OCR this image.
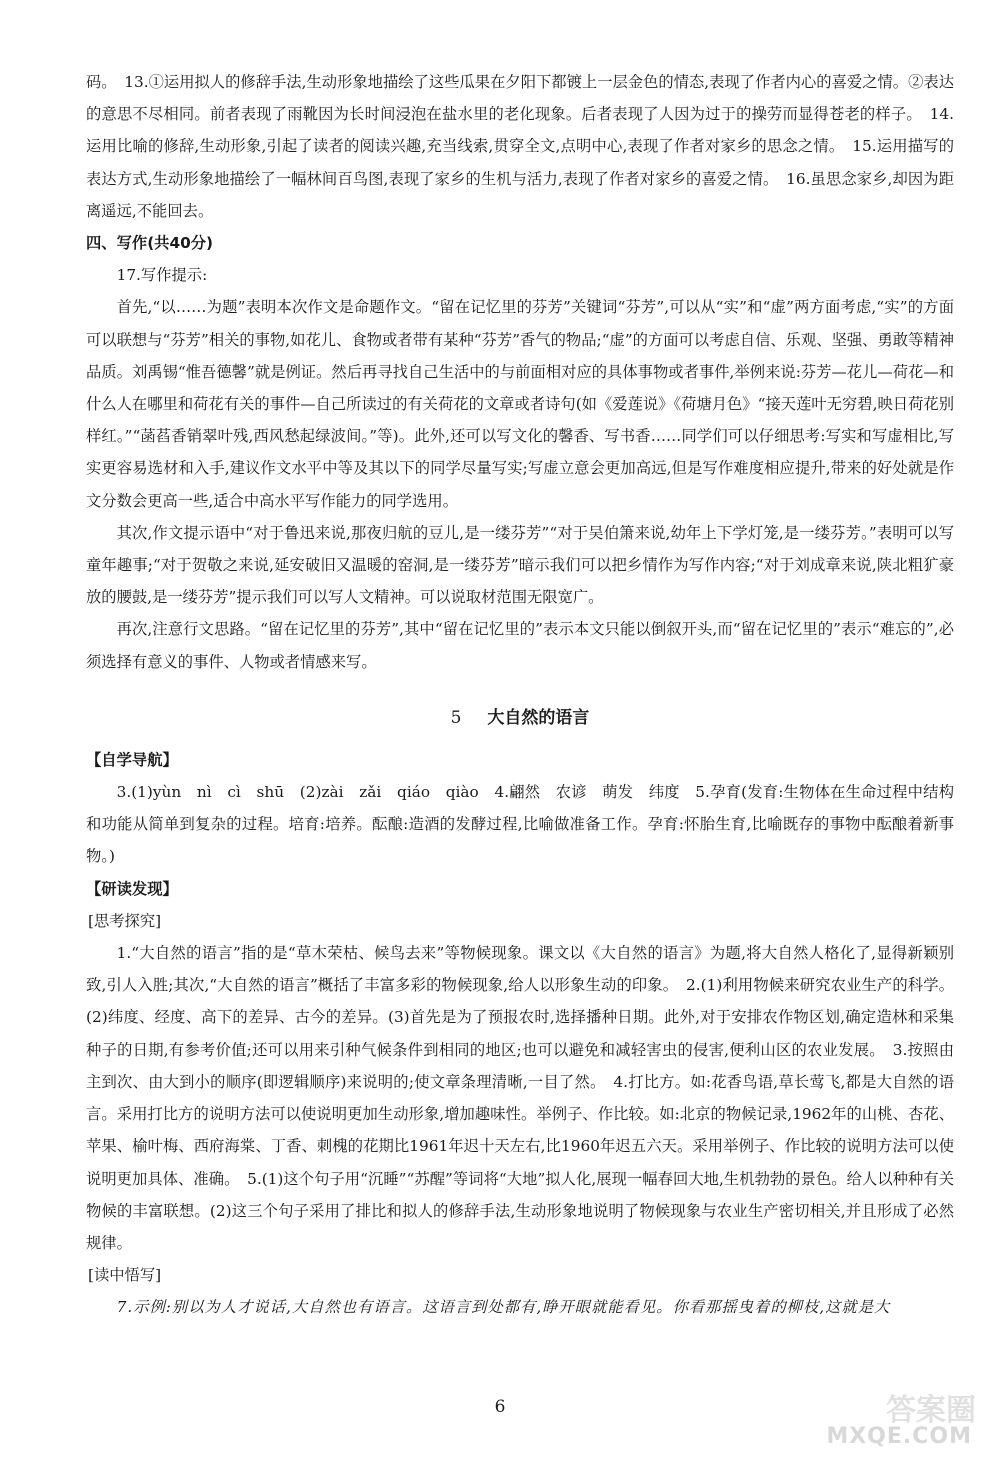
码。　13.①运用拟人的修辞手法,生动形象地描绘了这些瓜果在夕阳下都镀上一层金色的情态,表现了作者内心的喜爱之情。②表达的意思不尽相同。前者表现了雨靴因为长时间浸泡在盐水里的老化现象。后者表现了人因为过于的操劳而显得苍老的样子。　14.运用比喻的修辞,生动形象,引起了读者的阅读兴趣,充当线索,贯穿全文,点明中心,表现了作者对家乡的思念之情。　15.运用描写的表达方式,生动形象地描绘了一幅林间百鸟图,表现了家乡的生机与活力,表现了作者对家乡的喜爱之情。　16.虽思念家乡,却因为距离遥远,不能回去。

四、写作(共40分)

17.写作提示:

首先,“以……为题”表明本次作文是命题作文。“留在记忆里的芬芳”关键词“芬芳”,可以从“实”和“虚”两方面考虑,“实”的方面可以联想与“芬芳”相关的事物,如花儿、食物或者带有某种“芬芳”香气的物品;“虚”的方面可以考虑自信、乐观、坚强、勇敢等精神品质。刘禹锡“惟吾德馨”就是例证。然后再寻找自己生活中的与前面相对应的具体事物或者事件,举例来说:芬芳—花儿—荷花—和什么人在哪里和荷花有关的事件—自己所读过的有关荷花的文章或者诗句(如《爱莲说》《荷塘月色》“接天莲叶无穷碧,映日荷花别样红。”“菡萏香销翠叶残,西风愁起绿波间。”等)。此外,还可以写文化的馨香、写书香……同学们可以仔细思考:写实和写虚相比,写实更容易选材和入手,建议作文水平中等及其以下的同学尽量写实;写虚立意会更加高远,但是写作难度相应提升,带来的好处就是作文分数会更高一些,适合中高水平写作能力的同学选用。

其次,作文提示语中“对于鲁迅来说,那夜归航的豆儿,是一缕芬芳”“对于吴伯箫来说,幼年上下学灯笼,是一缕芬芳。”表明可以写童年趣事;“对于贺敬之来说,延安破旧又温暖的窑洞,是一缕芬芳”暗示我们可以把乡情作为写作内容;“对于刘成章来说,陕北粗犷豪放的腰鼓,是一缕芬芳”提示我们可以写人文精神。可以说取材范围无限宽广。

再次,注意行文思路。“留在记忆里的芬芳”,其中“留在记忆里的”表示本文只能以倒叙开头,而“留在记忆里的”表示“难忘的”,必须选择有意义的事件、人物或者情感来写。

5 大自然的语言

【自学导航】

3.(1)yùn　nì　cì　shū　(2)zài　zǎi　qiáo　qiào　4.翩然　农谚　萌发　纬度　5.孕育(发育:生物体在生命过程中结构和功能从简单到复杂的过程。培育:培养。酝酿:造酒的发酵过程,比喻做准备工作。孕育:怀胎生育,比喻既存的事物中酝酿着新事物。)

【研读发现】

[思考探究]

1.“大自然的语言”指的是“草木荣枯、候鸟去来”等物候现象。课文以《大自然的语言》为题,将大自然人格化了,显得新颖别致,引人入胜;其次,“大自然的语言”概括了丰富多彩的物候现象,给人以形象生动的印象。　2.(1)利用物候来研究农业生产的科学。(2)纬度、经度、高下的差异、古今的差异。(3)首先是为了预报农时,选择播种日期。此外,对于安排农作物区划,确定造林和采集种子的日期,有参考价值;还可以用来引种气候条件到相同的地区;也可以避免和减轻害虫的侵害,便利山区的农业发展。　3.按照由主到次、由大到小的顺序(即逻辑顺序)来说明的;使文章条理清晰,一目了然。　4.打比方。如:花香鸟语,草长莺飞,都是大自然的语言。采用打比方的说明方法可以使说明更加生动形象,增加趣味性。举例子、作比较。如:北京的物候记录,1962年的山桃、杏花、苹果、榆叶梅、西府海棠、丁香、刺槐的花期比1961年迟十天左右,比1960年迟五六天。采用举例子、作比较的说明方法可以使说明更加具体、准确。　5.(1)这个句子用“沉睡”“苏醒”等词将“大地”拟人化,展现一幅春回大地,生机勃勃的景色。给人以种种有关物候的丰富联想。(2)这三个句子采用了排比和拟人的修辞手法,生动形象地说明了物候现象与农业生产密切相关,并且形成了必然规律。

[读中悟写]

7.示例:别以为人才说话,大自然也有语言。这语言到处都有,睁开眼就能看见。你看那摇曳着的柳枝,这就是大

6	答案圈
MXQE.COM
